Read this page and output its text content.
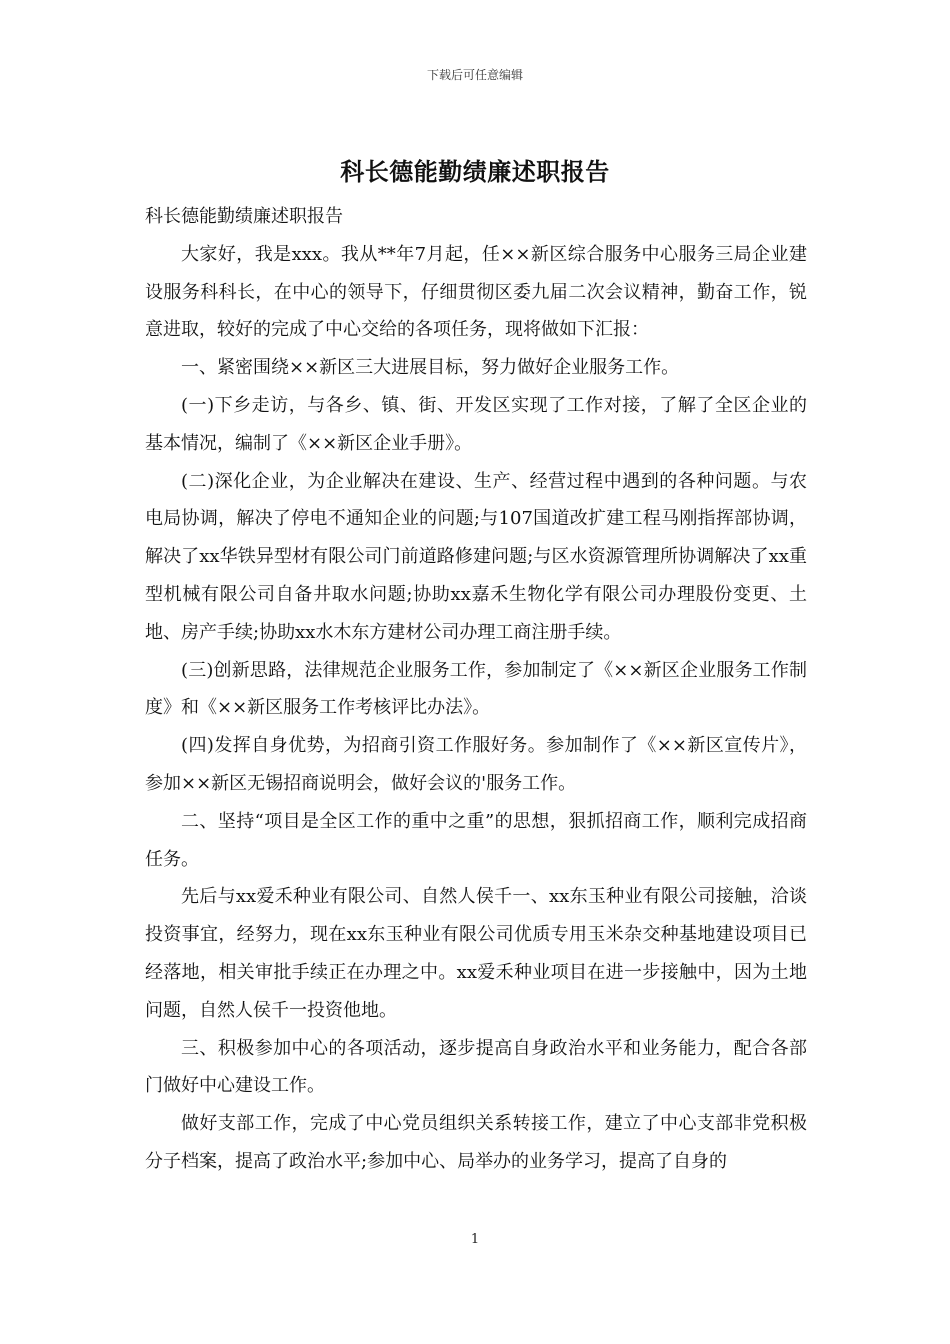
下载后可任意编辑
科长德能勤绩廉述职报告

科长德能勤绩廉述职报告

大家好，我是xxx。我从**年7月起，任××新区综合服务中心服务三局企业建设服务科科长，在中心的领导下，仔细贯彻区委九届二次会议精神，勤奋工作，锐意进取，较好的完成了中心交给的各项任务，现将做如下汇报：

一、紧密围绕××新区三大进展目标，努力做好企业服务工作。

(一)下乡走访，与各乡、镇、街、开发区实现了工作对接，了解了全区企业的基本情况，编制了《××新区企业手册》。

(二)深化企业，为企业解决在建设、生产、经营过程中遇到的各种问题。与农电局协调，解决了停电不通知企业的问题;与107国道改扩建工程马刚指挥部协调，解决了xx华铁异型材有限公司门前道路修建问题;与区水资源管理所协调解决了xx重型机械有限公司自备井取水问题;协助xx嘉禾生物化学有限公司办理股份变更、土地、房产手续;协助xx水木东方建材公司办理工商注册手续。

(三)创新思路，法律规范企业服务工作，参加制定了《××新区企业服务工作制度》和《××新区服务工作考核评比办法》。

(四)发挥自身优势，为招商引资工作服好务。参加制作了《××新区宣传片》，参加××新区无锡招商说明会，做好会议的'服务工作。

二、坚持“项目是全区工作的重中之重”的思想，狠抓招商工作，顺利完成招商任务。

先后与xx爱禾种业有限公司、自然人侯千一、xx东玉种业有限公司接触，洽谈投资事宜，经努力，现在xx东玉种业有限公司优质专用玉米杂交种基地建设项目已经落地，相关审批手续正在办理之中。xx爱禾种业项目在进一步接触中，因为土地问题，自然人侯千一投资他地。

三、积极参加中心的各项活动，逐步提高自身政治水平和业务能力，配合各部门做好中心建设工作。

做好支部工作，完成了中心党员组织关系转接工作，建立了中心支部非党积极分子档案，提高了政治水平;参加中心、局举办的业务学习，提高了自身的

1
